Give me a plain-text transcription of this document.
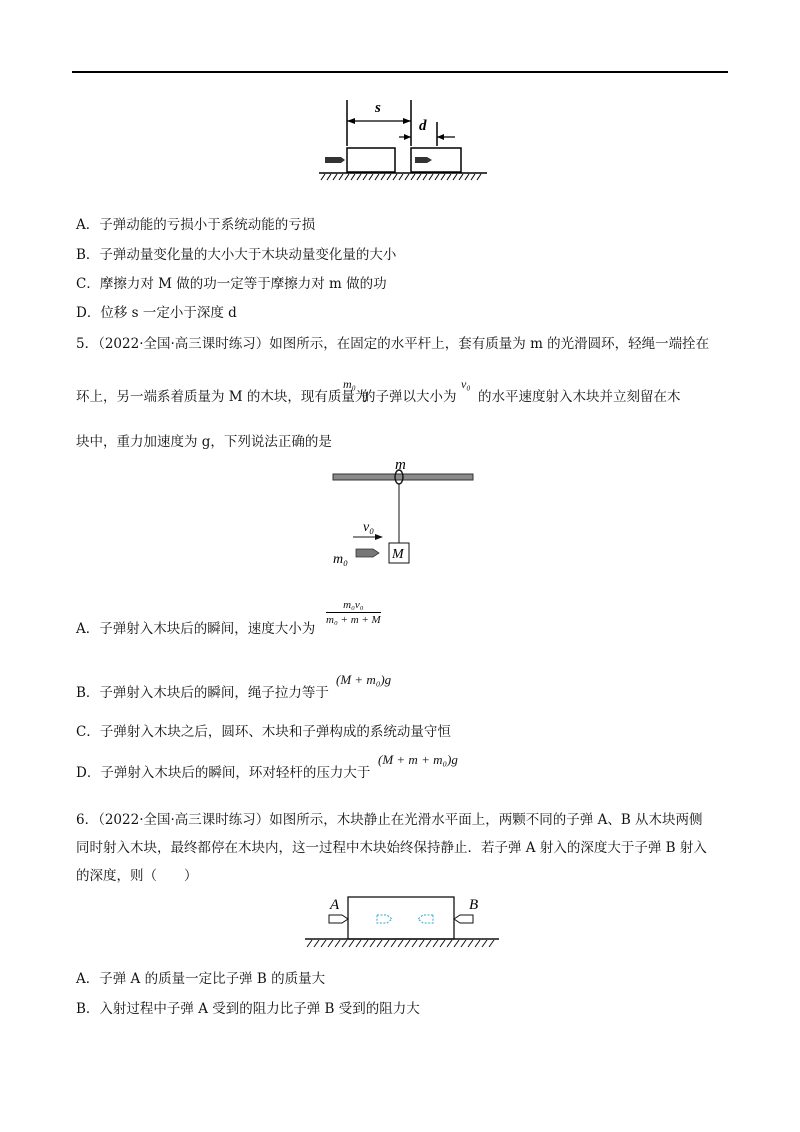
s
d
A．子弹动能的亏损小于系统动能的亏损
B．子弹动量变化量的大小大于木块动量变化量的大小
C．摩擦力对 M 做的功一定等于摩擦力对 m 做的功
D．位移 s 一定小于深度 d
5．（2022·全国·高三课时练习）如图所示，在固定的水平杆上，套有质量为 m 的光滑圆环，轻绳一端拴在
环上，另一端系着质量为 M 的木块，现有质量为
m₀
的子弹以大小为
v₀
的水平速度射入木块并立刻留在木
块中，重力加速度为 g，下列说法正确的是
m
v₀
M
m₀
A．子弹射入木块后的瞬间，速度大小为
$\frac{\text{m₀v₀}}{\text{m₀ + m + M}}$
B．子弹射入木块后的瞬间，绳子拉力等于
(M + m₀)g
C．子弹射入木块之后，圆环、木块和子弹构成的系统动量守恒
D．子弹射入木块后的瞬间，环对轻杆的压力大于
(M + m + m₀)g
6．（2022·全国·高三课时练习）如图所示，木块静止在光滑水平面上，两颗不同的子弹 A、B 从木块两侧
同时射入木块，最终都停在木块内，这一过程中木块始终保持静止．若子弹 A 射入的深度大于子弹 B 射入
的深度，则（　　）
A	B
A．子弹 A 的质量一定比子弹 B 的质量大
B．入射过程中子弹 A 受到的阻力比子弹 B 受到的阻力大
